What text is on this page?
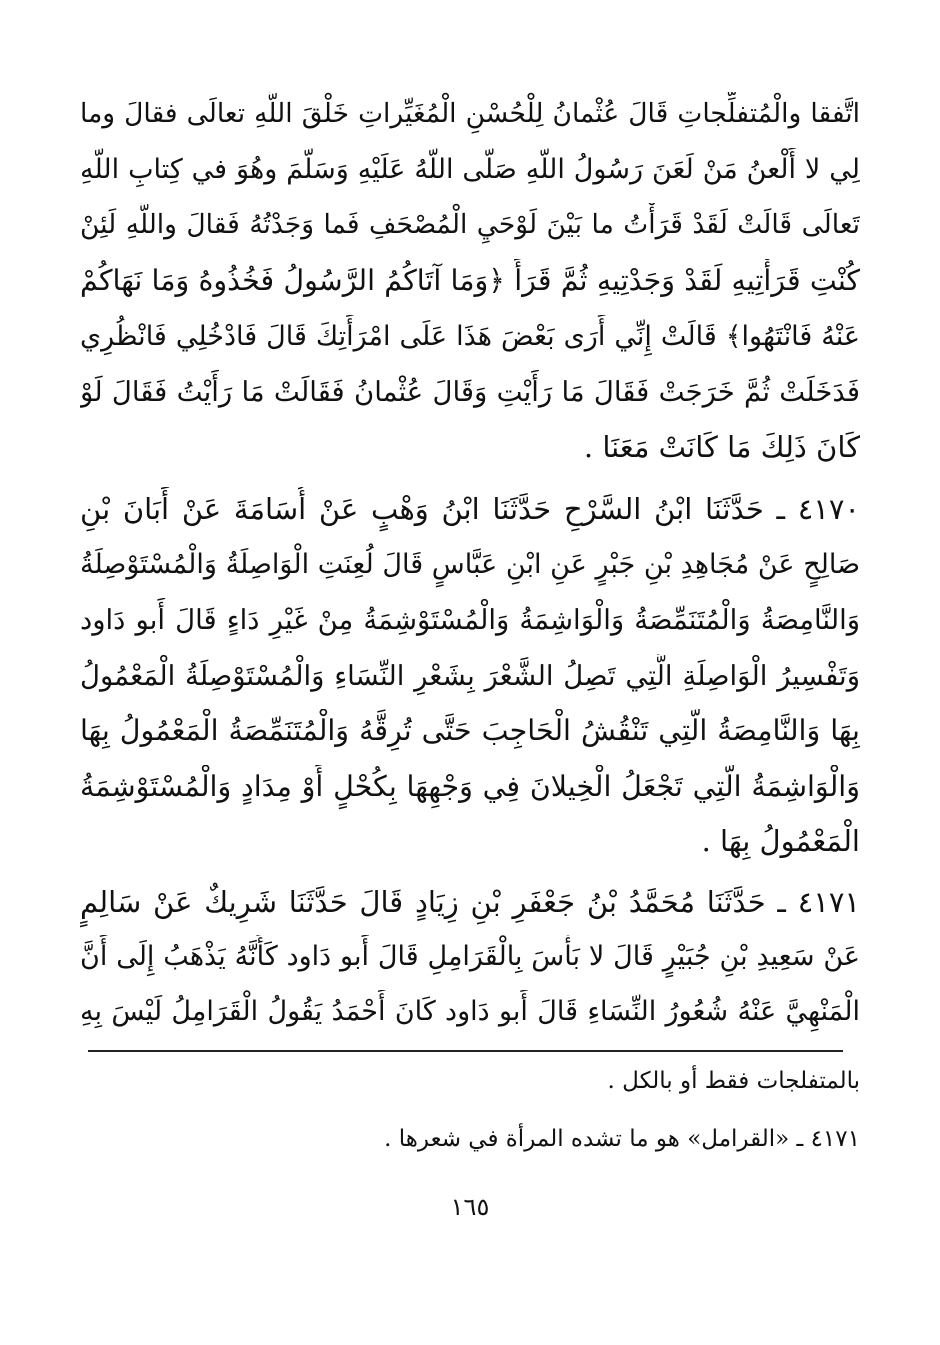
اتَّفقا والْمُتفلِّجاتِ قَالَ عُثْمانُ لِلْحُسْنِ الْمُغَيِّراتِ خَلْقَ اللَّهِ تعالَى فقالَ وما
لِي لا أَلْعنُ مَنْ لَعَنَ رَسُولُ اللَّهِ صَلَّى اللَّهُ عَلَيْهِ وَسَلَّمَ وهُوَ في كِتابِ اللَّهِ
تَعالَى قَالَتْ لَقَدْ قَرَأْتُ ما بَيْنَ لَوْحَيِ الْمُصْحَفِ فَما وَجَدْتُهُ فَقالَ واللَّهِ لَئِنْ
كُنْتِ قَرَأْتِيهِ لَقَدْ وَجَدْتِيهِ ثُمَّ قَرَأَ ﴿وَمَا آتَاكُمُ الرَّسُولُ فَخُذُوهُ وَمَا نَهَاكُمْ
عَنْهُ فَانْتَهُوا﴾ قَالَتْ إِنِّي أَرَى بَعْضَ هَذَا عَلَى امْرَأَتِكَ قَالَ فَادْخُلِي فَانْظُرِي
فَدَخَلَتْ ثُمَّ خَرَجَتْ فَقَالَ مَا رَأَيْتِ وَقَالَ عُثْمانُ فَقَالَتْ مَا رَأَيْتُ فَقَالَ لَوْ
كَانَ ذَلِكَ مَا كَانَتْ مَعَنَا .
٤١٧٠ ـ حَدَّثَنَا ابْنُ السَّرْحِ حَدَّثَنَا ابْنُ وَهْبٍ عَنْ أُسَامَةَ عَنْ أَبَانَ بْنِ
صَالِحٍ عَنْ مُجَاهِدِ بْنِ جَبْرٍ عَنِ ابْنِ عَبَّاسٍ قَالَ لُعِنَتِ الْوَاصِلَةُ وَالْمُسْتَوْصِلَةُ
وَالنَّامِصَةُ وَالْمُتَنَمِّصَةُ وَالْوَاشِمَةُ وَالْمُسْتَوْشِمَةُ مِنْ غَيْرِ دَاءٍ قَالَ أَبو دَاود
وَتَفْسِيرُ الْوَاصِلَةِ الَّتِي تَصِلُ الشَّعْرَ بِشَعْرِ النِّسَاءِ وَالْمُسْتَوْصِلَةُ الْمَعْمُولُ
بِهَا وَالنَّامِصَةُ الَّتِي تَنْقُشُ الْحَاجِبَ حَتَّى تُرِقَّهُ وَالْمُتَنَمِّصَةُ الْمَعْمُولُ بِهَا
وَالْوَاشِمَةُ الَّتِي تَجْعَلُ الْخِيلانَ فِي وَجْهِهَا بِكُحْلٍ أَوْ مِدَادٍ وَالْمُسْتَوْشِمَةُ
الْمَعْمُولُ بِهَا .
٤١٧١ ـ حَدَّثَنَا مُحَمَّدُ بْنُ جَعْفَرِ بْنِ زِيَادٍ قَالَ حَدَّثَنَا شَرِيكٌ عَنْ سَالِمٍ
عَنْ سَعِيدِ بْنِ جُبَيْرٍ قَالَ لا بَأْسَ بِالْقَرَامِلِ قَالَ أَبو دَاود كَأَنَّهُ يَذْهَبُ إِلَى أَنَّ
الْمَنْهِيَّ عَنْهُ شُعُورُ النِّسَاءِ قَالَ أَبو دَاود كَانَ أَحْمَدُ يَقُولُ الْقَرَامِلُ لَيْسَ بِهِ
بالمتفلجات فقط أو بالكل .
٤١٧١ ـ «القرامل» هو ما تشده المرأة في شعرها .
١٦٥
